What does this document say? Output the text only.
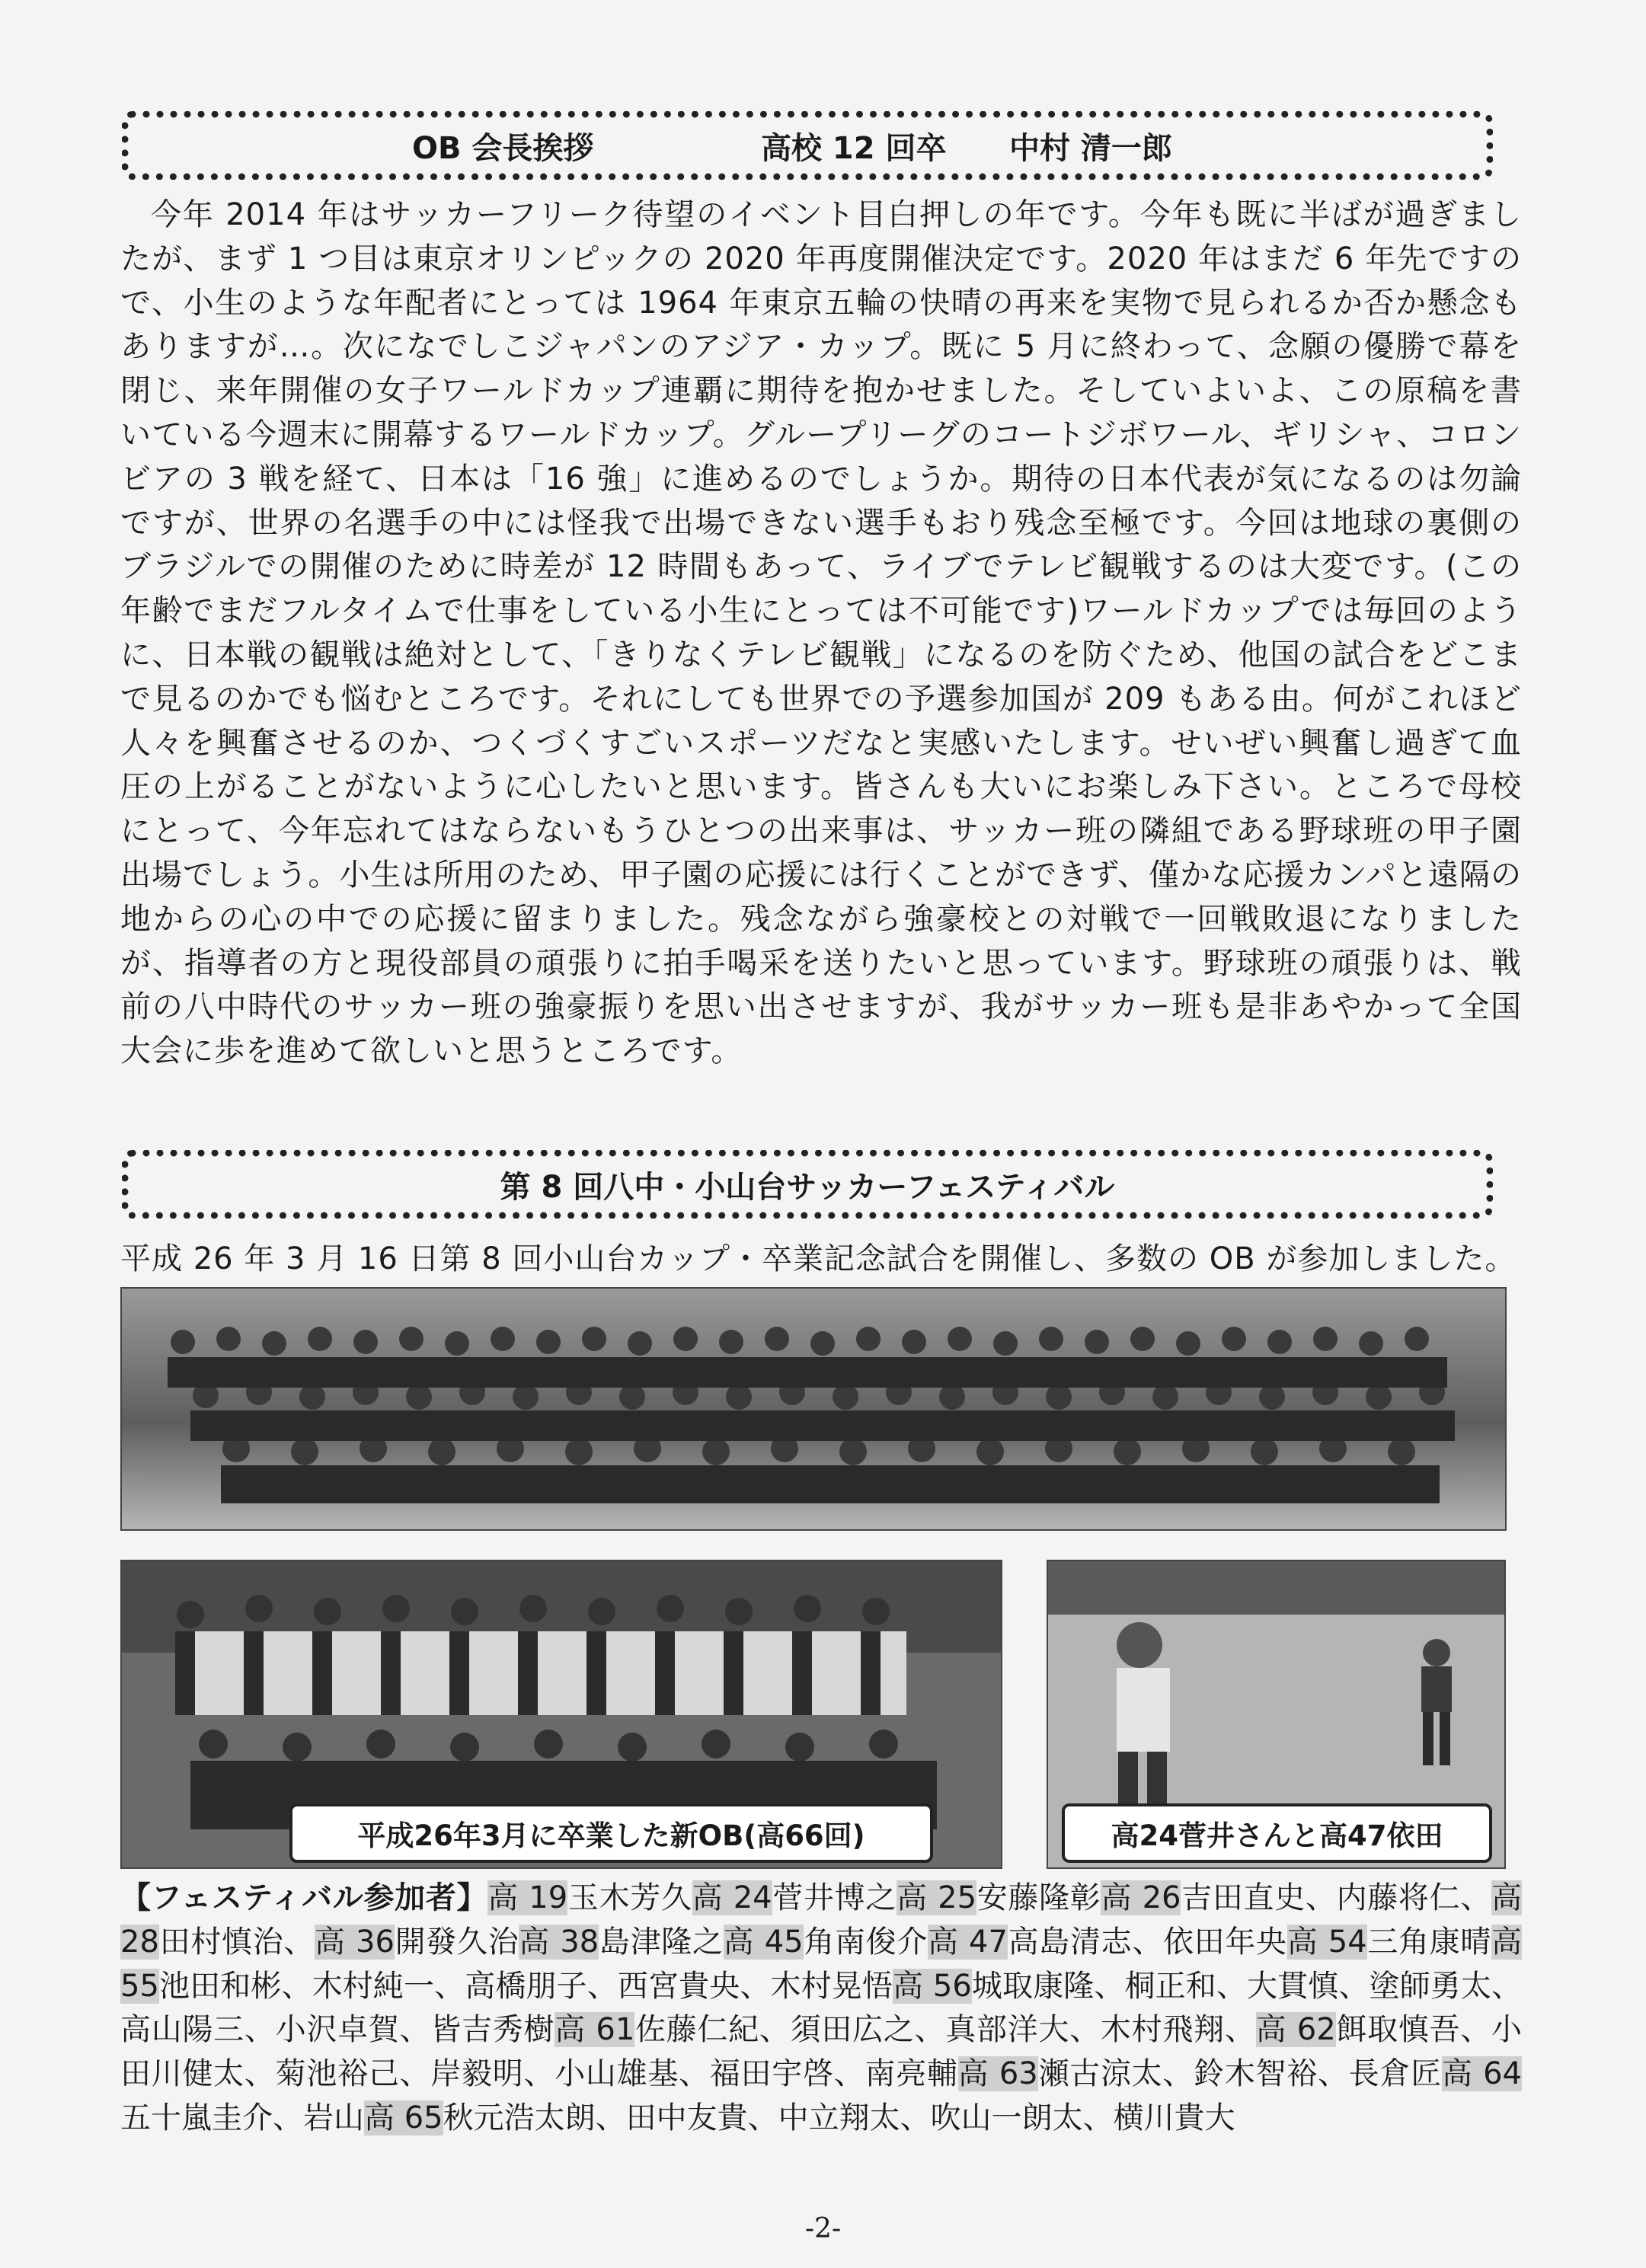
OB 会長挨拶	高校 12 回卒 中村 清一郎
今年 2014 年はサッカーフリーク待望のイベント目白押しの年です。今年も既に半ばが過ぎましたが、まず 1 つ目は東京オリンピックの 2020 年再度開催決定です。2020 年はまだ 6 年先ですので、小生のような年配者にとっては 1964 年東京五輪の快晴の再来を実物で見られるか否か懸念もありますが…。次になでしこジャパンのアジア・カップ。既に 5 月に終わって、念願の優勝で幕を閉じ、来年開催の女子ワールドカップ連覇に期待を抱かせました。そしていよいよ、この原稿を書いている今週末に開幕するワールドカップ。グループリーグのコートジボワール、ギリシャ、コロンビアの 3 戦を経て、日本は「16 強」に進めるのでしょうか。期待の日本代表が気になるのは勿論ですが、世界の名選手の中には怪我で出場できない選手もおり残念至極です。今回は地球の裏側のブラジルでの開催のために時差が 12 時間もあって、ライブでテレビ観戦するのは大変です。(この年齢でまだフルタイムで仕事をしている小生にとっては不可能です)ワールドカップでは毎回のように、日本戦の観戦は絶対として、「きりなくテレビ観戦」になるのを防ぐため、他国の試合をどこまで見るのかでも悩むところです。それにしても世界での予選参加国が 209 もある由。何がこれほど人々を興奮させるのか、つくづくすごいスポーツだなと実感いたします。せいぜい興奮し過ぎて血圧の上がることがないように心したいと思います。皆さんも大いにお楽しみ下さい。ところで母校にとって、今年忘れてはならないもうひとつの出来事は、サッカー班の隣組である野球班の甲子園出場でしょう。小生は所用のため、甲子園の応援には行くことができず、僅かな応援カンパと遠隔の地からの心の中での応援に留まりました。残念ながら強豪校との対戦で一回戦敗退になりましたが、指導者の方と現役部員の頑張りに拍手喝采を送りたいと思っています。野球班の頑張りは、戦前の八中時代のサッカー班の強豪振りを思い出させますが、我がサッカー班も是非あやかって全国大会に歩を進めて欲しいと思うところです。
第 8 回八中・小山台サッカーフェスティバル
平成 26 年 3 月 16 日第 8 回小山台カップ・卒業記念試合を開催し、多数の OB が参加しました。
平成26年3月に卒業した新OB(高66回)	高24菅井さんと高47依田
【フェスティバル参加者】高 19玉木芳久高 24菅井博之高 25安藤隆彰高 26吉田直史、内藤将仁、高 28田村慎治、高 36開發久治高 38島津隆之高 45角南俊介高 47高島清志、依田年央高 54三角康晴高 55池田和彬、木村純一、高橋朋子、西宮貴央、木村晃悟高 56城取康隆、桐正和、大貫慎、塗師勇太、高山陽三、小沢卓賀、皆吉秀樹高 61佐藤仁紀、須田広之、真部洋大、木村飛翔、高 62餌取慎吾、小田川健太、菊池裕己、岸毅明、小山雄基、福田宇啓、南亮輔高 63瀬古涼太、鈴木智裕、長倉匠高 64五十嵐圭介、岩山高 65秋元浩太朗、田中友貴、中立翔太、吹山一朗太、横川貴大
-2-
